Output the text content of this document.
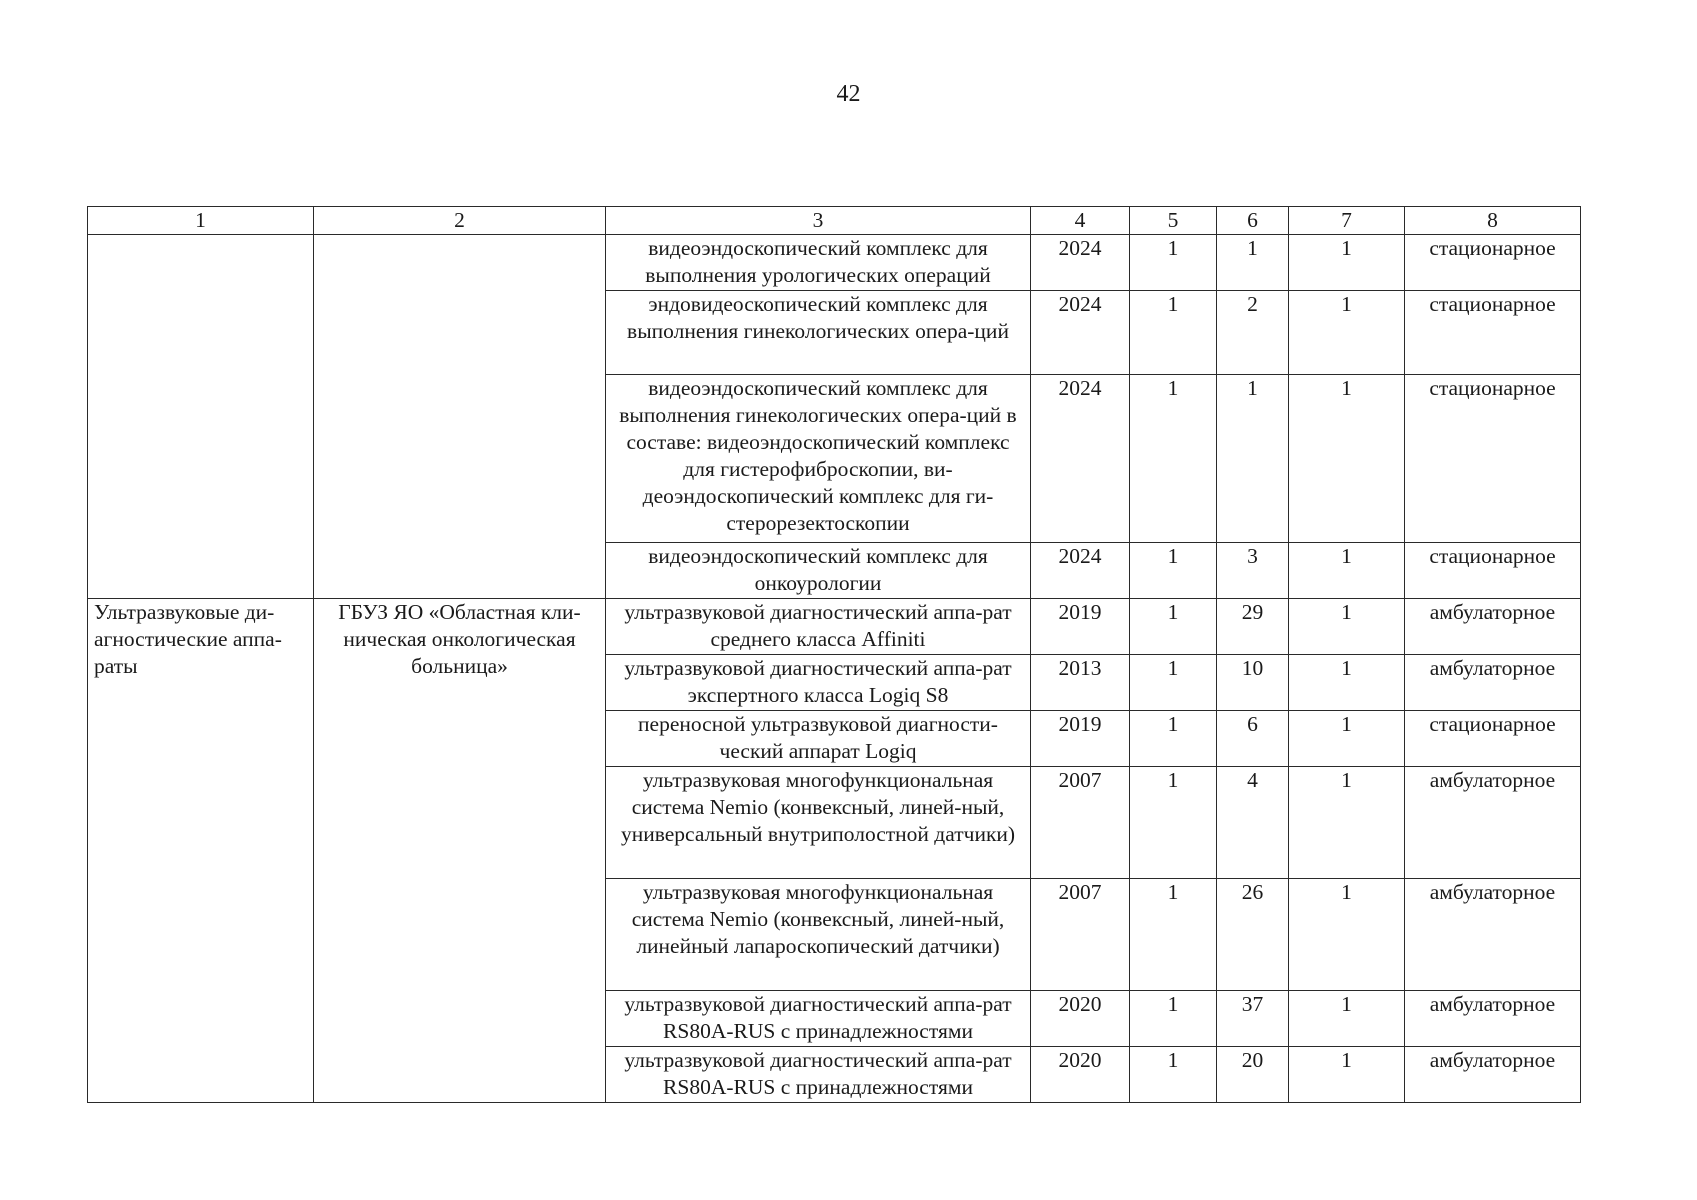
42
1	2	3	4	5	6	7	8
		видеоэндоскопический комплекс для выполнения урологических операций	2024	1	1	1	стационарное
		эндовидеоскопический комплекс для выполнения гинекологических опера-ций	2024	1	2	1	стационарное
		видеоэндоскопический комплекс для выполнения гинекологических опера-ций в составе: видеоэндоскопический комплекс для гистерофиброскопии, ви-деоэндоскопический комплекс для ги-стерорезектоскопии	2024	1	1	1	стационарное
		видеоэндоскопический комплекс для онкоурологии	2024	1	3	1	стационарное
Ультразвуковые ди-агностические аппа-раты	ГБУЗ ЯО «Областная кли-ническая онкологическая больница»	ультразвуковой диагностический аппа-рат среднего класса Affiniti	2019	1	29	1	амбулаторное
		ультразвуковой диагностический аппа-рат экспертного класса Logiq S8	2013	1	10	1	амбулаторное
		переносной ультразвуковой диагности-ческий аппарат Logiq	2019	1	6	1	стационарное
		ультразвуковая многофункциональная система Nemio (конвексный, линей-ный, универсальный внутриполостной датчики)	2007	1	4	1	амбулаторное
		ультразвуковая многофункциональная система Nemio (конвексный, линей-ный, линейный лапароскопический датчики)	2007	1	26	1	амбулаторное
		ультразвуковой диагностический аппа-рат RS80A-RUS с принадлежностями	2020	1	37	1	амбулаторное
		ультразвуковой диагностический аппа-рат RS80A-RUS с принадлежностями	2020	1	20	1	амбулаторное
